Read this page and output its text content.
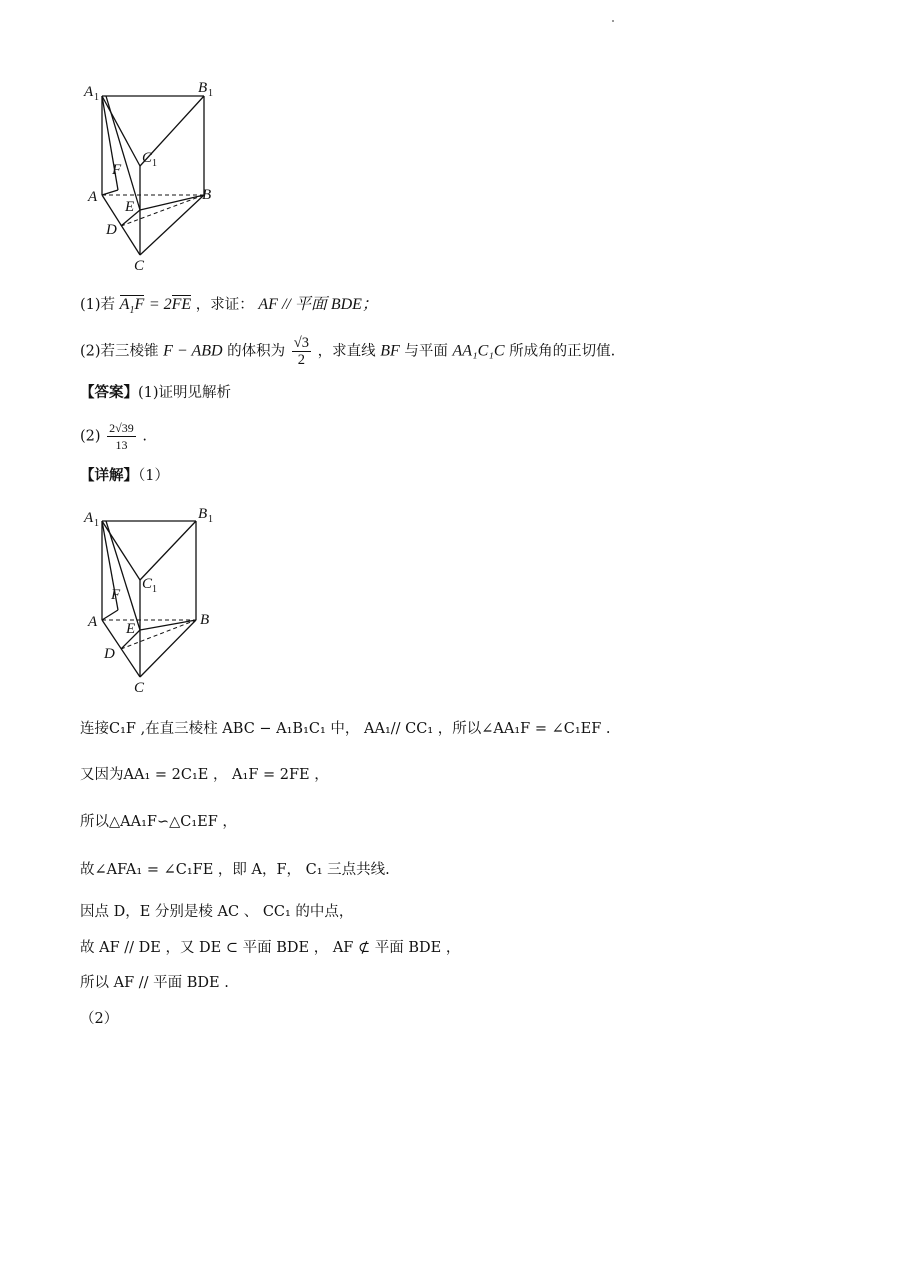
A 1
B 1
C 1
F
A	B
E
D
C
(1)若 $A_1F = 2FE$ ，求证： AF // 平面 BDE；
(2)若三棱锥 F − ABD 的体积为 $\frac{√3}{2}$ ，求直线 BF 与平面 AA₁C₁C 所成角的正切值.
【答案】(1)证明见解析
$(2) \frac{2√39}{13}$ .
【详解】（1）
A 1
B 1
C 1
F
A	B
E
D
C
连接C₁F ,在直三棱柱 ABC − A₁B₁C₁ 中， AA₁// CC₁ ，所以∠AA₁F = ∠C₁EF .
又因为AA₁ = 2C₁E ， A₁F = 2FE ，
所以△AA₁F∽△C₁EF ，
故∠AFA₁ = ∠C₁FE ，即 A，F， C₁ 三点共线.
因点 D，E 分别是棱 AC 、 CC₁ 的中点，
故 AF // DE ，又 DE ⊂ 平面 BDE ， AF ⊄ 平面 BDE ，
所以 AF // 平面 BDE .
（2）
